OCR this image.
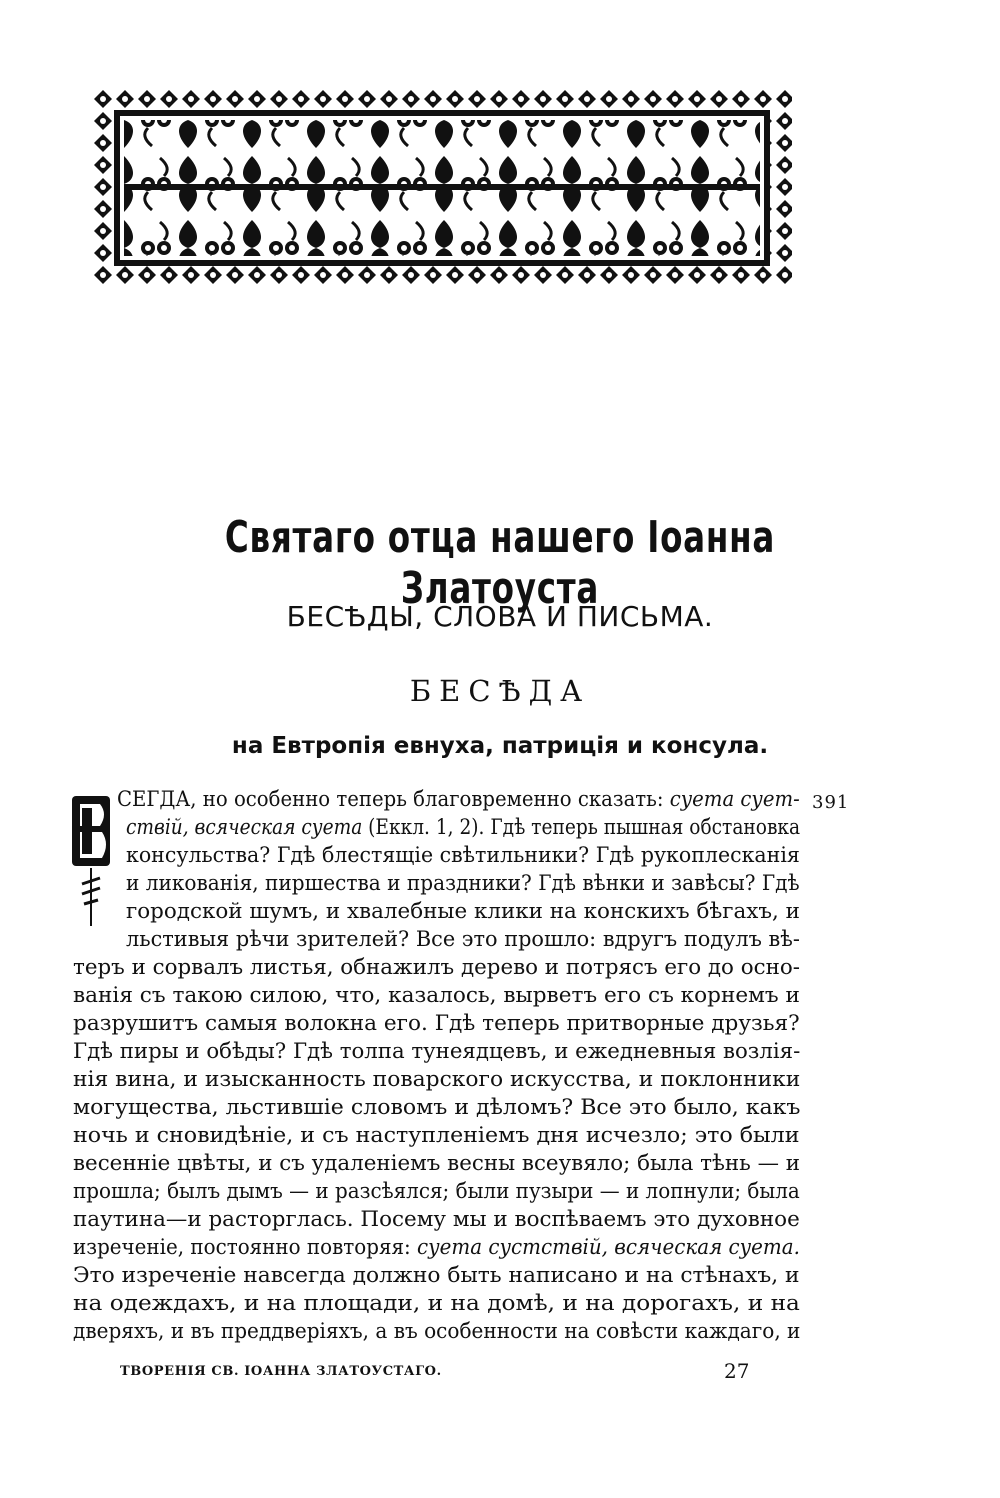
Святаго отца нашего Іоанна Златоуста
БЕСѢДЫ, СЛОВА И ПИСЬМА.
БЕСѢДА
на Евтропія евнуха, патриція и консула.
391
СЕГДА, но особенно теперь благовременно сказать: суета сует-
ствій, всяческая суета (Еккл. 1, 2). Гдѣ теперь пышная обстановка
консульства? Гдѣ блестящіе свѣтильники? Гдѣ рукоплесканія
и ликованія, пиршества и праздники? Гдѣ вѣнки и завѣсы? Гдѣ
городской шумъ, и хвалебные клики на конскихъ бѣгахъ, и
льстивыя рѣчи зрителей? Все это прошло: вдругъ подулъ вѣ-
теръ и сорвалъ листья, обнажилъ дерево и потрясъ его до осно-
ванія съ такою силою, что, казалось, вырветъ его съ корнемъ и
разрушитъ самыя волокна его. Гдѣ теперь притворные друзья?
Гдѣ пиры и обѣды? Гдѣ толпа тунеядцевъ, и ежедневныя возлія-
нія вина, и изысканность поварского искусства, и поклонники
могущества, льстившіе словомъ и дѣломъ? Все это было, какъ
ночь и сновидѣніе, и съ наступленіемъ дня исчезло; это были
весенніе цвѣты, и съ удаленіемъ весны всеувяло; была тѣнь — и
прошла; былъ дымъ — и разсѣялся; были пузыри — и лопнули; была
паутина—и расторглась. Посему мы и воспѣваемъ это духовное
изреченіе, постоянно повторяя: суета сустствій, всяческая суета.
Это изреченіе навсегда должно быть написано и на стѣнахъ, и
на одеждахъ, и на площади, и на домѣ, и на дорогахъ, и на
дверяхъ, и въ преддверіяхъ, а въ особенности на совѣсти каждаго, и
ТВОРЕНІЯ СВ. ІОАННА ЗЛАТОУСТАГО.	27
